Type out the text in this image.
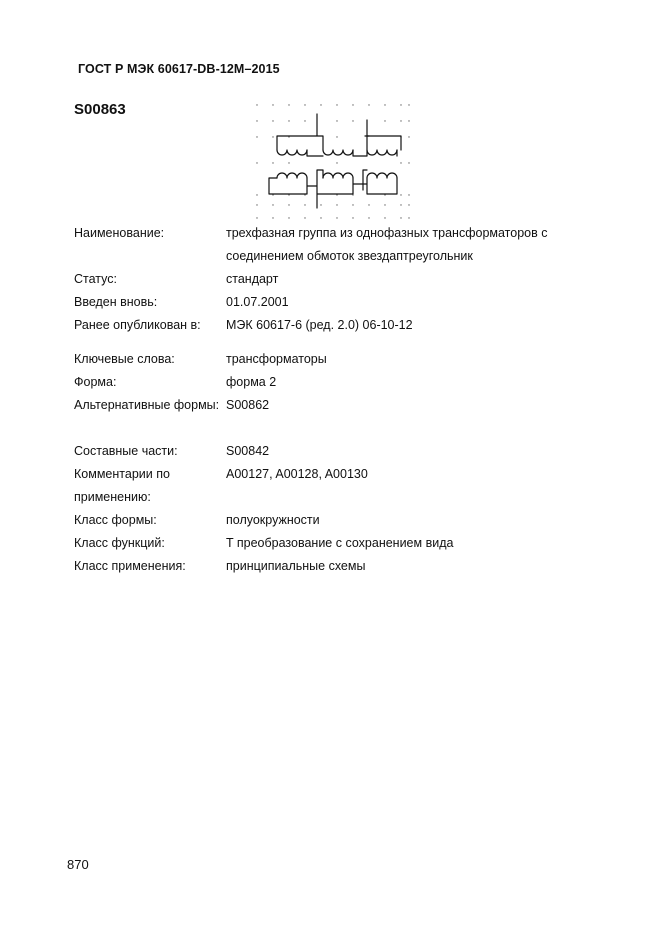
ГОСТ Р МЭК 60617-DB-12M–2015
S00863
Наименование:	трехфазная группа из однофазных трансформаторов с соединением обмоток звездаптреугольник
Статус:	стандарт
Введен вновь:	01.07.2001
Ранее опубликован в:	МЭК 60617-6 (ред. 2.0) 06-10-12
Ключевые слова:	трансформаторы
Форма:	форма 2
Альтернативные формы: S00862
Составные части:	S00842
Комментарии по применению:
A00127, A00128, A00130
Класс формы:	полуокружности
Класс функций:	T преобразование с сохранением вида
Класс применения:	принципиальные схемы
870
